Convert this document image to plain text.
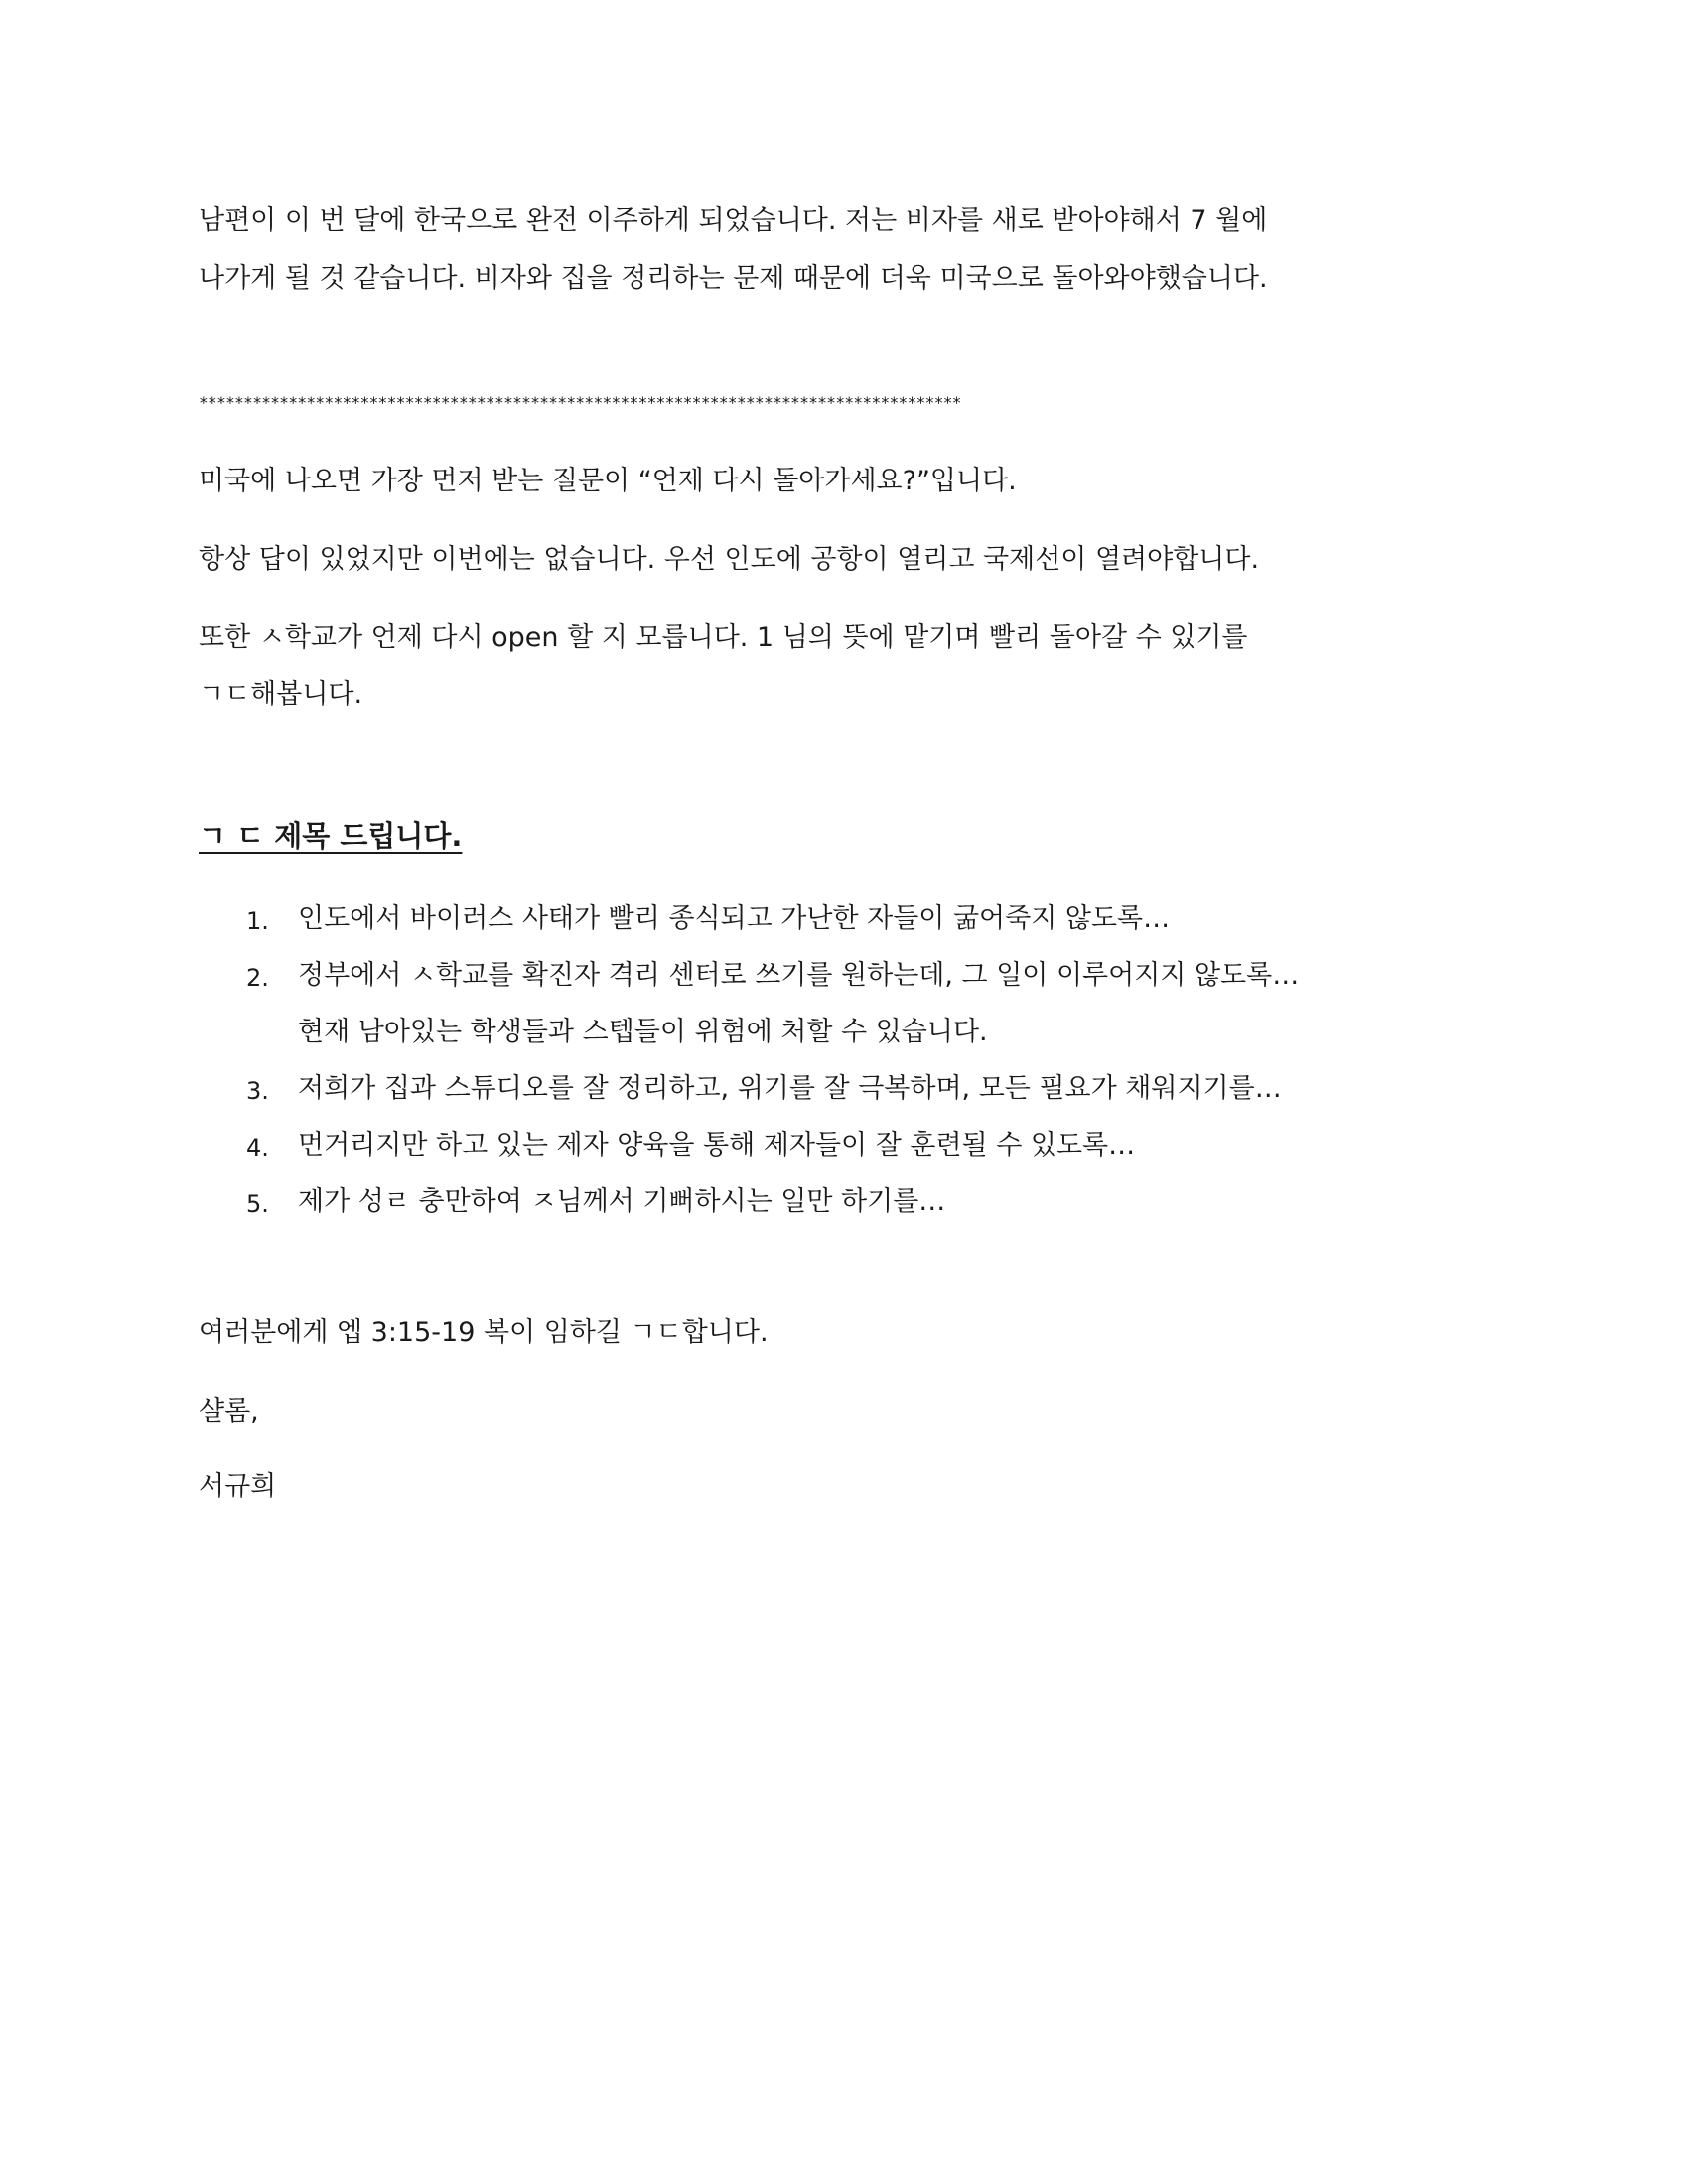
남편이 이 번 달에 한국으로 완전 이주하게 되었습니다. 저는 비자를 새로 받아야해서 7 월에
나가게 될 것 같습니다. 비자와 집을 정리하는 문제 때문에 더욱 미국으로 돌아와야했습니다.
*************************************************************************************
미국에 나오면 가장 먼저 받는 질문이 “언제 다시 돌아가세요?”입니다.
항상 답이 있었지만 이번에는 없습니다. 우선 인도에 공항이 열리고 국제선이 열려야합니다.
또한 ㅅ학교가 언제 다시 open 할 지 모릅니다. 1 님의 뜻에 맡기며 빨리 돌아갈 수 있기를
ㄱㄷ해봅니다.
ㄱ ㄷ 제목 드립니다.
1. 인도에서 바이러스 사태가 빨리 종식되고 가난한 자들이 굶어죽지 않도록…
2. 정부에서 ㅅ학교를 확진자 격리 센터로 쓰기를 원하는데, 그 일이 이루어지지 않도록…
현재 남아있는 학생들과 스텝들이 위험에 처할 수 있습니다.
3. 저희가 집과 스튜디오를 잘 정리하고, 위기를 잘 극복하며, 모든 필요가 채워지기를…
4. 먼거리지만 하고 있는 제자 양육을 통해 제자들이 잘 훈련될 수 있도록…
5. 제가 성ㄹ 충만하여 ㅈ님께서 기뻐하시는 일만 하기를…
여러분에게 엡 3:15-19 복이 임하길 ㄱㄷ합니다.
샬롬,
서규희
